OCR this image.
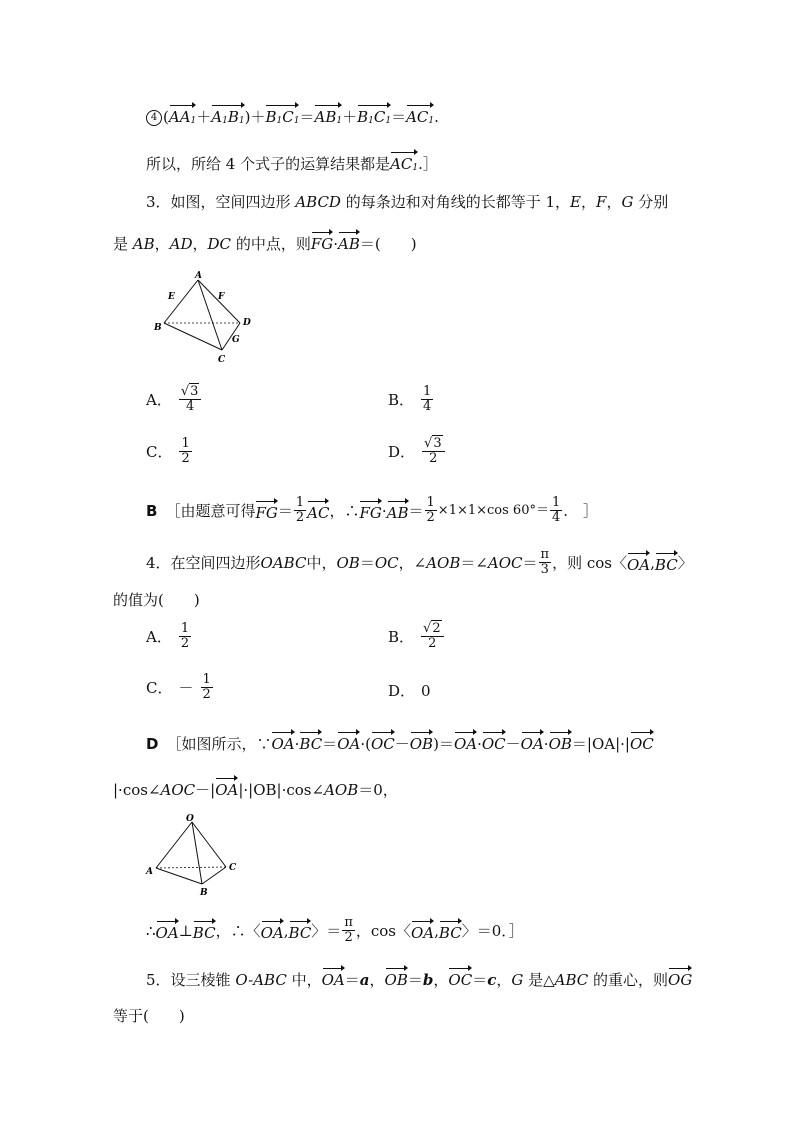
4 (AA1＋A1B1)＋B1C1＝AB1＋B1C1＝AC1.
所以，所给 4 个式子的运算结果都是AC1.］
3．如图，空间四边形 ABCD 的每条边和对角线的长都等于 1，E，F，G 分别
是 AB，AD，DC 的中点，则FG·AB＝(　　)
A
E	F
B	D
G
C
A． $\frac{√3}{4}$	B． $\frac{1}{4}$
C． $\frac{1}{2}$	D． $\frac{√3}{2}$
B ［由题意可得 FG ＝ $\frac{1}{2}$ AC ，∴ FG · AB ＝ $\frac{1}{2} \times 1\times 1\times\cos$ $60^\circ= \frac{1}{4}$ .　］
4．在空间四边形 OABC 中， OB ＝ OC ，∠ AOB ＝∠ AOC ＝ $\frac{\pi}{3}$ ，则 cos〈 OA , BC 〉
的值为(　　)
A． $\frac{1}{2}$	B． $\frac{√2}{2}$
C． － $\frac{1}{2}$	D． 0
D ［如图所示，∵OA·BC＝OA·(OC－OB)＝OA·OC－OA·OB＝|OA|·|OC
|·cos∠AOC－|OA|·|OB|·cos∠AOB＝0，
O
A	C
B
∴ OA ⊥ BC ，∴〈 OA , BC 〉＝ $\frac{\pi}{2}$ ，cos〈 OA , BC 〉＝0．］
5．设三棱锥 O-ABC 中，OA＝a，OB＝b，OC＝c，G 是△ABC 的重心，则OG
等于(　　)
